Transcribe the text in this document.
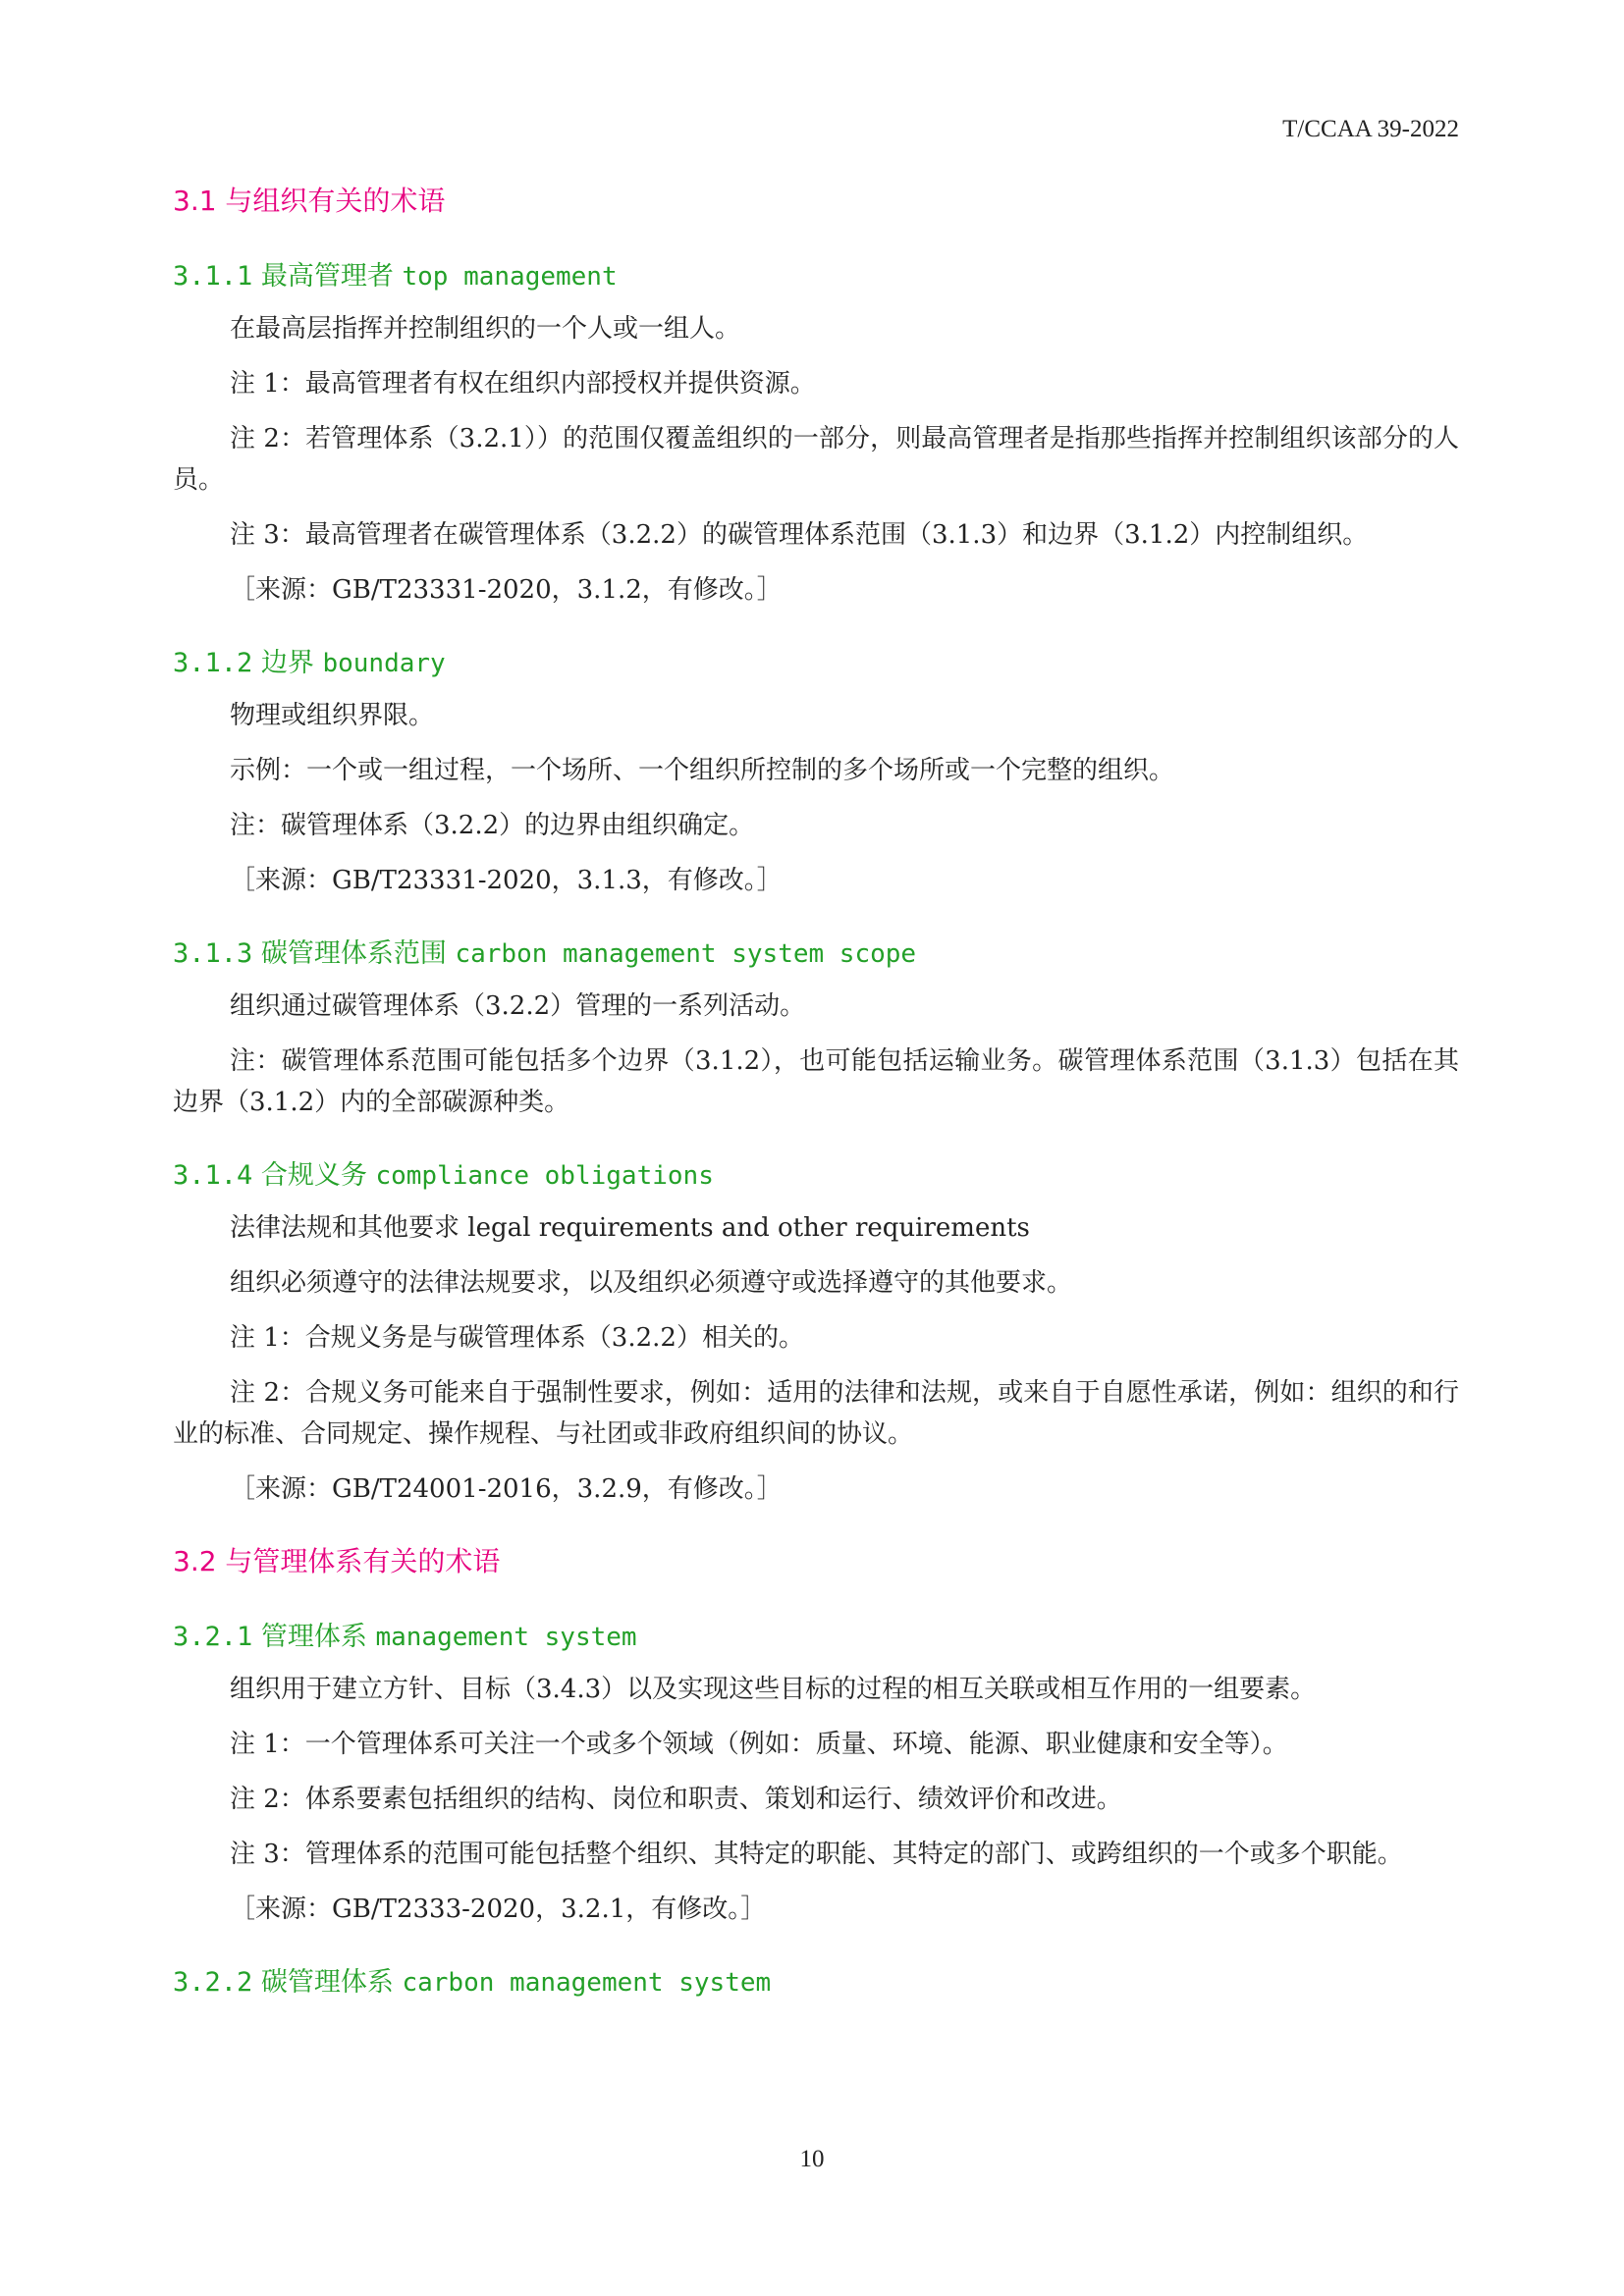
T/CCAA 39-2022
3.1 与组织有关的术语
3.1.1 最高管理者 top management

在最高层指挥并控制组织的一个人或一组人。

注 1：最高管理者有权在组织内部授权并提供资源。

注 2：若管理体系（3.2.1））的范围仅覆盖组织的一部分，则最高管理者是指那些指挥并控制组织该部分的人员。

注 3：最高管理者在碳管理体系（3.2.2）的碳管理体系范围（3.1.3）和边界（3.1.2）内控制组织。

［来源：GB/T23331-2020，3.1.2，有修改。］

3.1.2 边界 boundary

物理或组织界限。

示例：一个或一组过程，一个场所、一个组织所控制的多个场所或一个完整的组织。

注：碳管理体系（3.2.2）的边界由组织确定。

［来源：GB/T23331-2020，3.1.3，有修改。］

3.1.3 碳管理体系范围 carbon management system scope

组织通过碳管理体系（3.2.2）管理的一系列活动。

注：碳管理体系范围可能包括多个边界（3.1.2），也可能包括运输业务。碳管理体系范围（3.1.3）包括在其边界（3.1.2）内的全部碳源种类。

3.1.4 合规义务 compliance obligations

法律法规和其他要求 legal requirements and other requirements

组织必须遵守的法律法规要求，以及组织必须遵守或选择遵守的其他要求。

注 1：合规义务是与碳管理体系（3.2.2）相关的。

注 2：合规义务可能来自于强制性要求，例如：适用的法律和法规，或来自于自愿性承诺，例如：组织的和行业的标准、合同规定、操作规程、与社团或非政府组织间的协议。

［来源：GB/T24001-2016，3.2.9，有修改。］

3.2 与管理体系有关的术语
3.2.1 管理体系 management system

组织用于建立方针、目标（3.4.3）以及实现这些目标的过程的相互关联或相互作用的一组要素。

注 1：一个管理体系可关注一个或多个领域（例如：质量、环境、能源、职业健康和安全等）。

注 2：体系要素包括组织的结构、岗位和职责、策划和运行、绩效评价和改进。

注 3：管理体系的范围可能包括整个组织、其特定的职能、其特定的部门、或跨组织的一个或多个职能。

［来源：GB/T2333-2020，3.2.1，有修改。］

3.2.2 碳管理体系 carbon management system
10
